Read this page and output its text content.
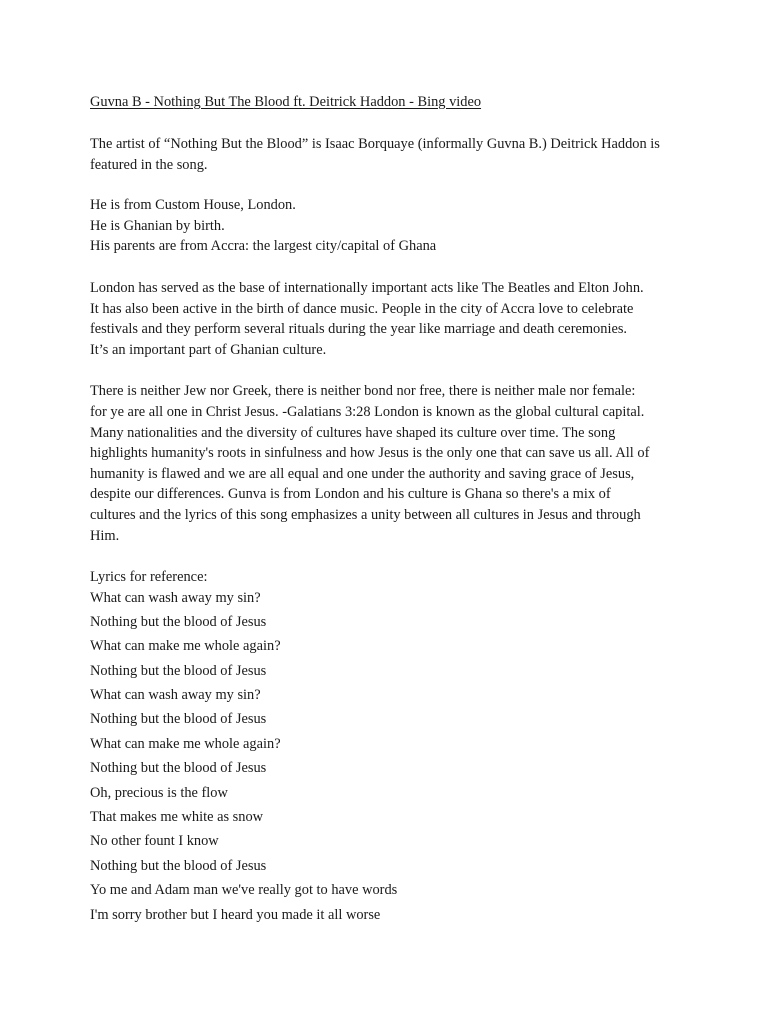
Guvna B - Nothing But The Blood ft. Deitrick Haddon - Bing video

The artist of “Nothing But the Blood” is Isaac Borquaye (informally Guvna B.) Deitrick Haddon is featured in the song.

He is from Custom House, London.

He is Ghanian by birth.

His parents are from Accra: the largest city/capital of Ghana

London has served as the base of internationally important acts like The Beatles and Elton John.

It has also been active in the birth of dance music. People in the city of Accra love to celebrate

festivals and they perform several rituals during the year like marriage and death ceremonies.

It’s an important part of Ghanian culture.

There is neither Jew nor Greek, there is neither bond nor free, there is neither male nor female:

for ye are all one in Christ Jesus. -Galatians 3:28 London is known as the global cultural capital.

Many nationalities and the diversity of cultures have shaped its culture over time. The song

highlights humanity's roots in sinfulness and how Jesus is the only one that can save us all. All of

humanity is flawed and we are all equal and one under the authority and saving grace of Jesus,

despite our differences. Gunva is from London and his culture is Ghana so there's a mix of

cultures and the lyrics of this song emphasizes a unity between all cultures in Jesus and through

Him.

Lyrics for reference:
What can wash away my sin?
Nothing but the blood of Jesus
What can make me whole again?
Nothing but the blood of Jesus
What can wash away my sin?
Nothing but the blood of Jesus
What can make me whole again?
Nothing but the blood of Jesus
Oh, precious is the flow
That makes me white as snow
No other fount I know
Nothing but the blood of Jesus
Yo me and Adam man we've really got to have words
I'm sorry brother but I heard you made it all worse
